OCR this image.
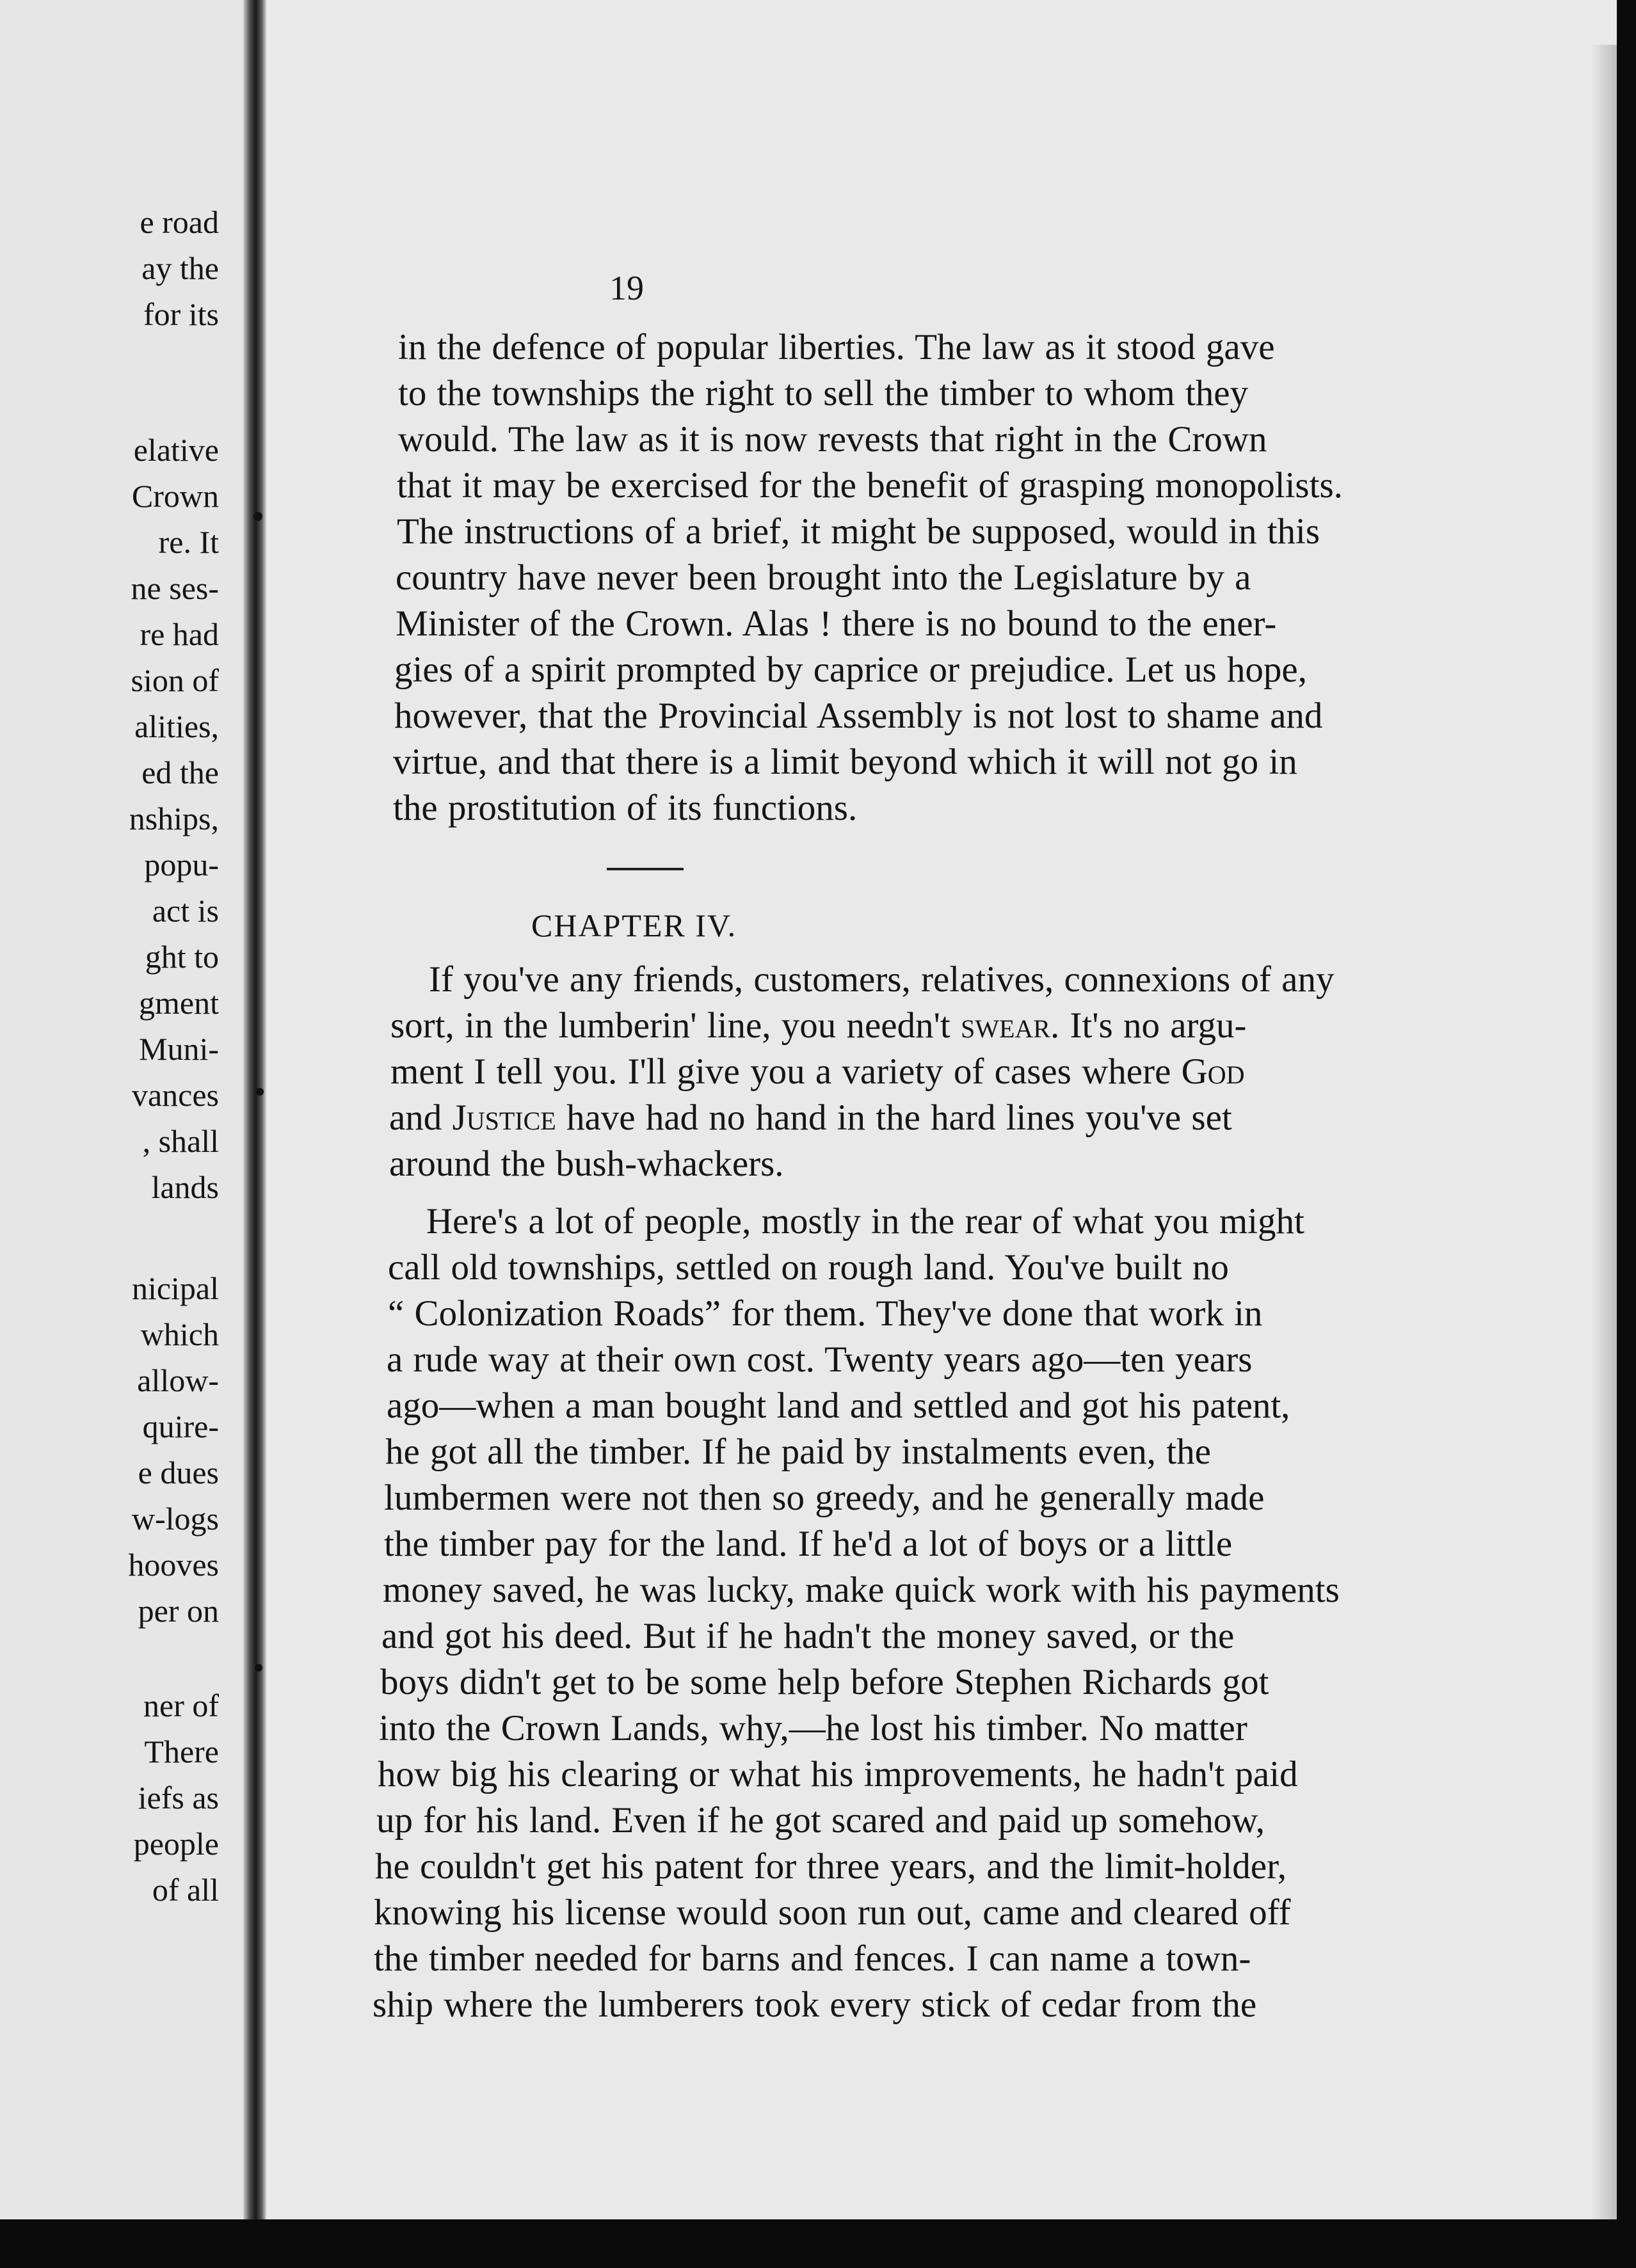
e road
ay the
for its
elative
Crown
re. It
ne ses-
re had
sion of
alities,
ed the
nships,
popu-
act is
ght to
gment
Muni-
vances
, shall
lands
nicipal
which
allow-
quire-
e dues
w-logs
hooves
per on
ner of
There
iefs as
people
of all
19
in the defence of popular liberties. The law as it stood gave
to the townships the right to sell the timber to whom they
would. The law as it is now revests that right in the Crown
that it may be exercised for the benefit of grasping monopolists.
The instructions of a brief, it might be supposed, would in this
country have never been brought into the Legislature by a
Minister of the Crown. Alas ! there is no bound to the ener-
gies of a spirit prompted by caprice or prejudice. Let us hope,
however, that the Provincial Assembly is not lost to shame and
virtue, and that there is a limit beyond which it will not go in
the prostitution of its functions.
CHAPTER IV.
If you've any friends, customers, relatives, connexions of any
sort, in the lumberin' line, you needn't swear. It's no argu-
ment I tell you. I'll give you a variety of cases where God
and Justice have had no hand in the hard lines you've set
around the bush-whackers.
Here's a lot of people, mostly in the rear of what you might
call old townships, settled on rough land. You've built no
“ Colonization Roads” for them. They've done that work in
a rude way at their own cost. Twenty years ago—ten years
ago—when a man bought land and settled and got his patent,
he got all the timber. If he paid by instalments even, the
lumbermen were not then so greedy, and he generally made
the timber pay for the land. If he'd a lot of boys or a little
money saved, he was lucky, make quick work with his payments
and got his deed. But if he hadn't the money saved, or the
boys didn't get to be some help before Stephen Richards got
into the Crown Lands, why,—he lost his timber. No matter
how big his clearing or what his improvements, he hadn't paid
up for his land. Even if he got scared and paid up somehow,
he couldn't get his patent for three years, and the limit-holder,
knowing his license would soon run out, came and cleared off
the timber needed for barns and fences. I can name a town-
ship where the lumberers took every stick of cedar from the
